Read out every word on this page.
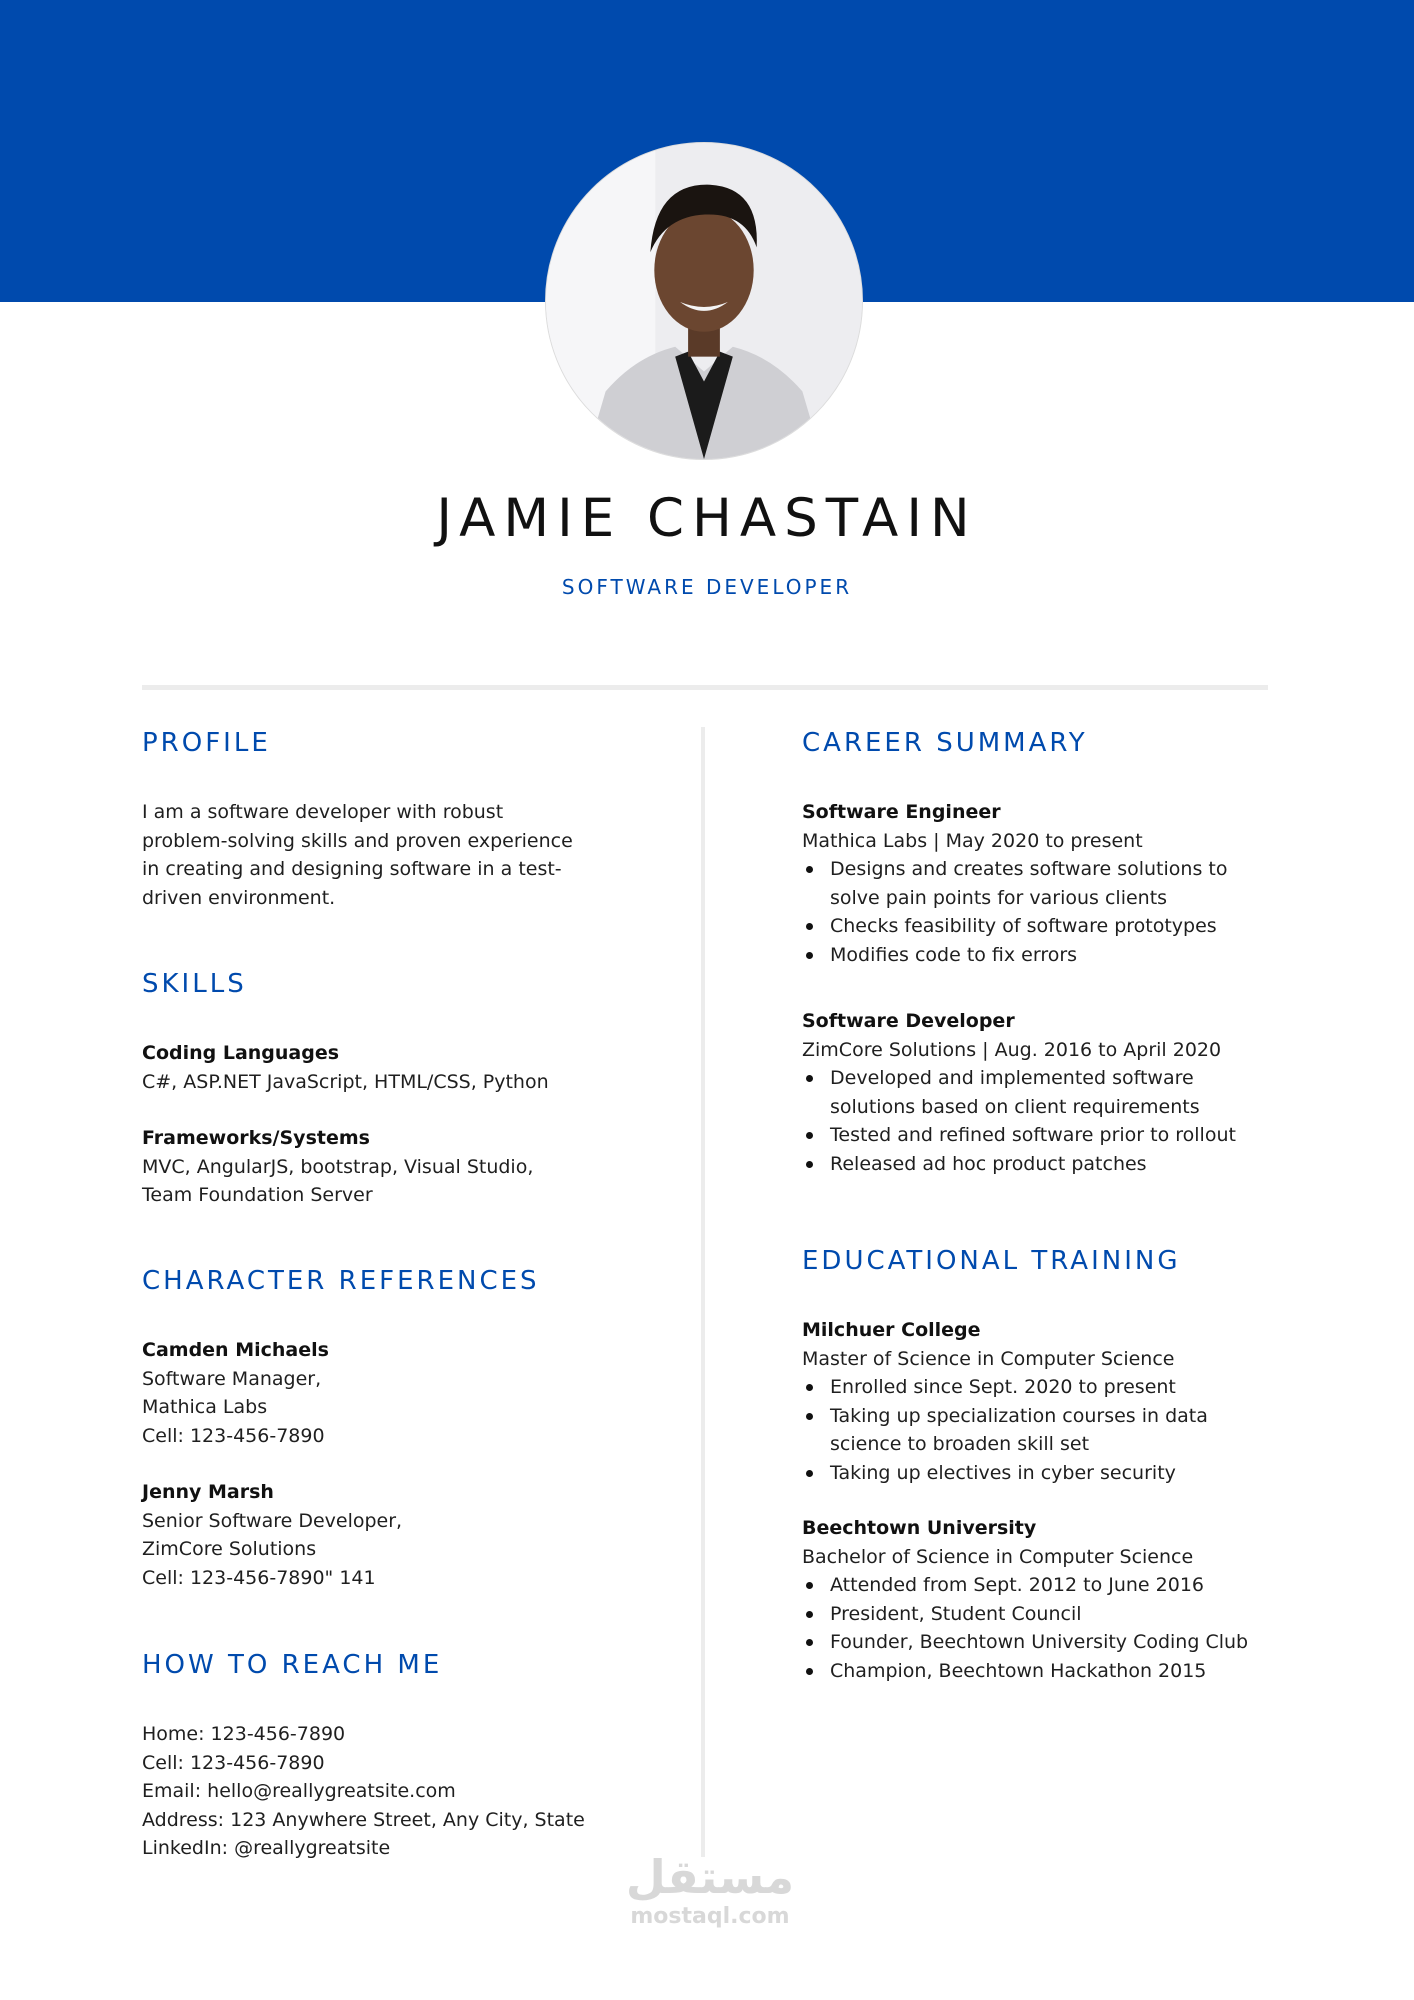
JAMIE CHASTAIN
SOFTWARE DEVELOPER
PROFILE
I am a software developer with robust
problem-solving skills and proven experience
in creating and designing software in a test-
driven environment.
SKILLS
Coding Languages
C#, ASP.NET JavaScript, HTML/CSS, Python
Frameworks/Systems
MVC, AngularJS, bootstrap, Visual Studio,
Team Foundation Server
CHARACTER REFERENCES
Camden Michaels
Software Manager,
Mathica Labs
Cell: 123-456-7890
Jenny Marsh
Senior Software Developer,
ZimCore Solutions
Cell: 123-456-7890" 141
HOW TO REACH ME
Home: 123-456-7890
Cell: 123-456-7890
Email: hello@reallygreatsite.com
Address: 123 Anywhere Street, Any City, State
LinkedIn: @reallygreatsite
CAREER SUMMARY
Software Engineer
Mathica Labs | May 2020 to present
Designs and creates software solutions to
solve pain points for various clients
Checks feasibility of software prototypes
Modifies code to fix errors
Software Developer
ZimCore Solutions | Aug. 2016 to April 2020
Developed and implemented software
solutions based on client requirements
Tested and refined software prior to rollout
Released ad hoc product patches
EDUCATIONAL TRAINING
Milchuer College
Master of Science in Computer Science
Enrolled since Sept. 2020 to present
Taking up specialization courses in data
science to broaden skill set
Taking up electives in cyber security
Beechtown University
Bachelor of Science in Computer Science
Attended from Sept. 2012 to June 2016
President, Student Council
Founder, Beechtown University Coding Club
Champion, Beechtown Hackathon 2015
مستقل
mostaql.com
